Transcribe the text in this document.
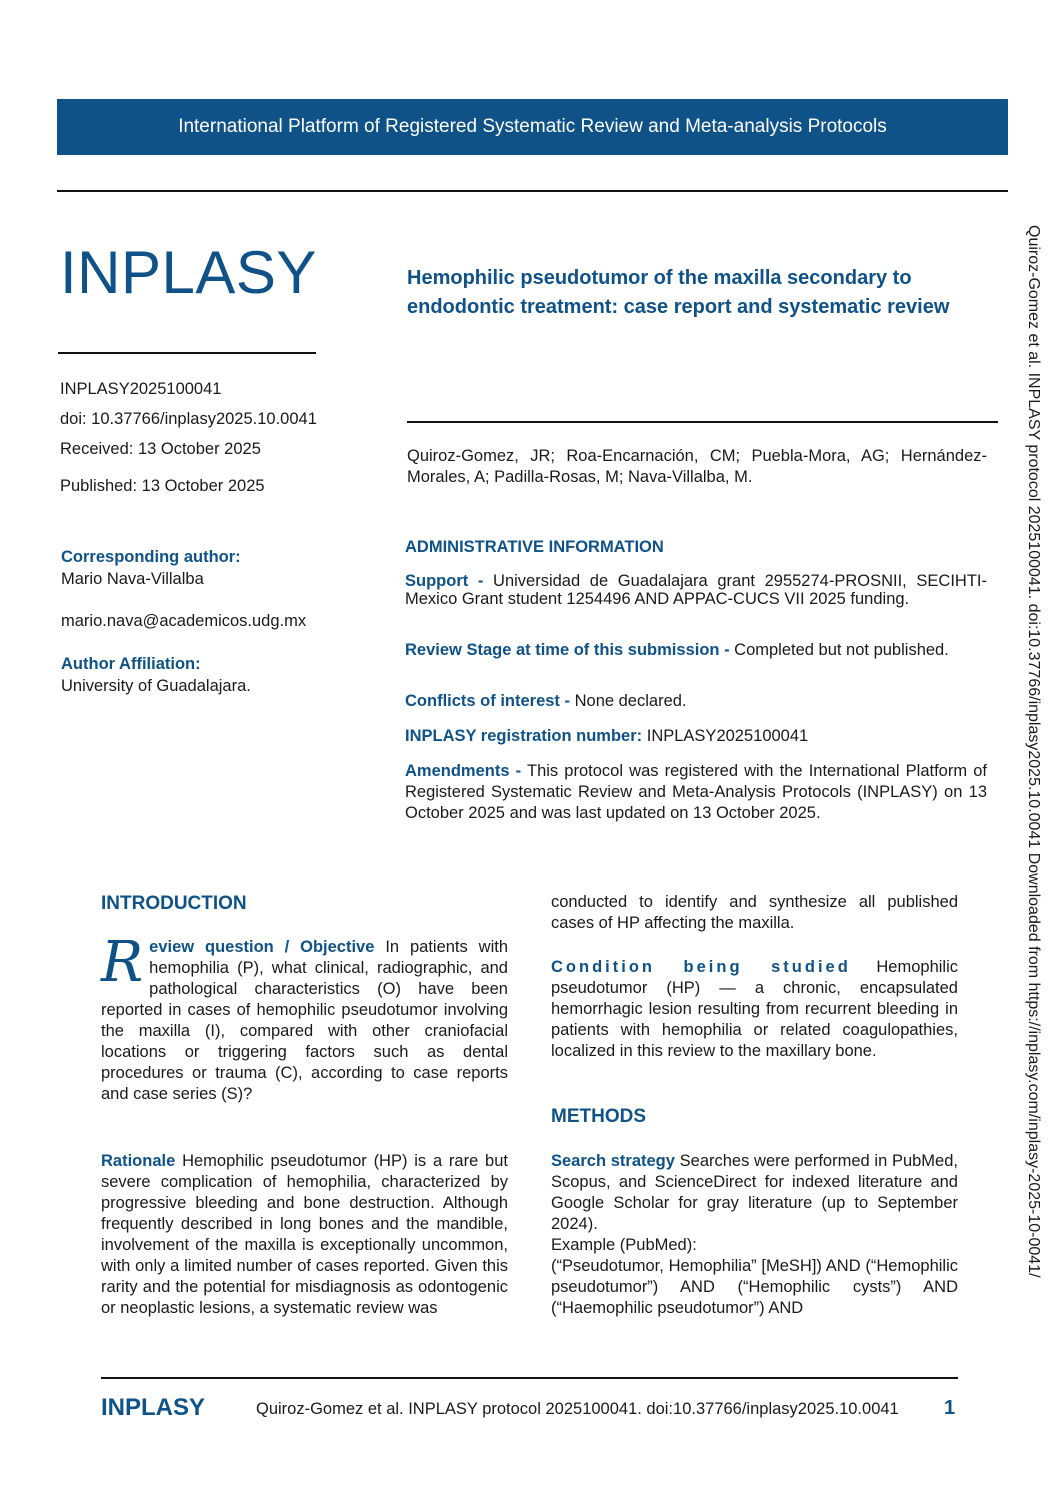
International Platform of Registered Systematic Review and Meta-analysis Protocols
INPLASY	Hemophilic pseudotumor of the maxilla secondary to endodontic treatment: case report and systematic review
INPLASY2025100041
doi: 10.37766/inplasy2025.10.0041
Received: 13 October 2025
Published: 13 October 2025
Quiroz-Gomez, JR; Roa-Encarnación, CM; Puebla-Mora, AG; Hernández-Morales, A; Padilla-Rosas, M; Nava-Villalba, M.
Corresponding author:
Mario Nava-Villalba
mario.nava@academicos.udg.mx
Author Affiliation:
University of Guadalajara.
ADMINISTRATIVE INFORMATION

Support - Universidad de Guadalajara grant 2955274-PROSNII, SECIHTI-Mexico Grant student 1254496 AND APPAC-CUCS VII 2025 funding.

Review Stage at time of this submission - Completed but not published.

Conflicts of interest - None declared.

INPLASY registration number: INPLASY2025100041

Amendments - This protocol was registered with the International Platform of Registered Systematic Review and Meta-Analysis Protocols (INPLASY) on 13 October 2025 and was last updated on 13 October 2025.

INTRODUCTION

Review question / Objective In patients with hemophilia (P), what clinical, radiographic, and pathological characteristics (O) have been reported in cases of hemophilic pseudotumor involving the maxilla (I), compared with other craniofacial locations or triggering factors such as dental procedures or trauma (C), according to case reports and case series (S)?

Rationale Hemophilic pseudotumor (HP) is a rare but severe complication of hemophilia, characterized by progressive bleeding and bone destruction. Although frequently described in long bones and the mandible, involvement of the maxilla is exceptionally uncommon, with only a limited number of cases reported. Given this rarity and the potential for misdiagnosis as odontogenic or neoplastic lesions, a systematic review was

conducted to identify and synthesize all published cases of HP affecting the maxilla.

Condition being studied Hemophilic pseudotumor (HP) — a chronic, encapsulated hemorrhagic lesion resulting from recurrent bleeding in patients with hemophilia or related coagulopathies, localized in this review to the maxillary bone.

METHODS

Search strategy Searches were performed in PubMed, Scopus, and ScienceDirect for indexed literature and Google Scholar for gray literature (up to September 2024).
Example (PubMed):
(“Pseudotumor, Hemophilia” [MeSH]) AND (“Hemophilic pseudotumor”) AND (“Hemophilic cysts”) AND (“Haemophilic pseudotumor”) AND

Quiroz-Gomez et al. INPLASY protocol 2025100041. doi:10.37766/inplasy2025.10.0041 Downloaded from https://inplasy.com/inplasy-2025-10-0041/
INPLASY	Quiroz-Gomez et al. INPLASY protocol 2025100041. doi:10.37766/inplasy2025.10.0041 1
